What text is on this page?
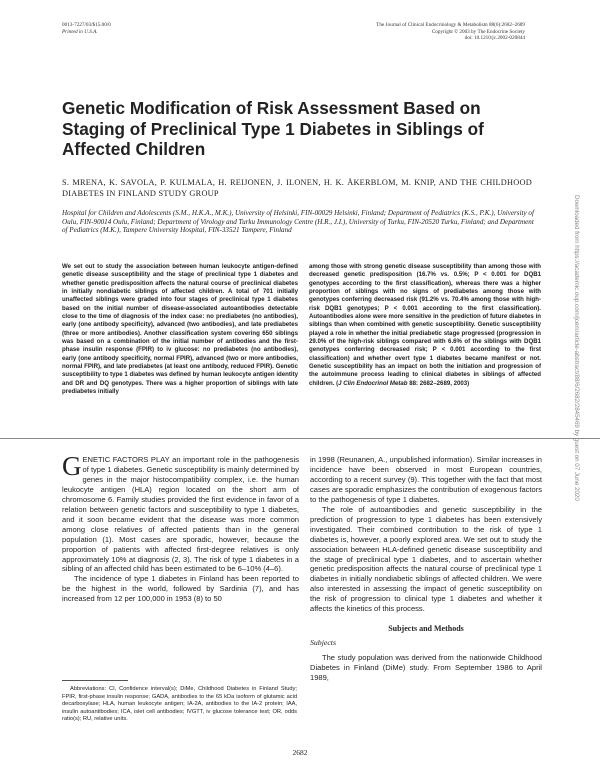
0013-7227/03/$15.00/0
Printed in U.S.A.
The Journal of Clinical Endocrinology & Metabolism 88(6):2682–2689
Copyright © 2003 by The Endocrine Society
doi: 10.1210/jc.2002-020844
Genetic Modification of Risk Assessment Based on Staging of Preclinical Type 1 Diabetes in Siblings of Affected Children
S. MRENA, K. SAVOLA, P. KULMALA, H. REIJONEN, J. ILONEN, H. K. ÅKERBLOM, M. KNIP, AND THE CHILDHOOD DIABETES IN FINLAND STUDY GROUP
Hospital for Children and Adolescents (S.M., H.K.A., M.K.), University of Helsinki, FIN-00029 Helsinki, Finland; Department of Pediatrics (K.S., P.K.), University of Oulu, FIN-90014 Oulu, Finland; Department of Virology and Turku Immunology Centre (H.R., J.I.), University of Turku, FIN-20520 Turku, Finland; and Department of Pediatrics (M.K.), Tampere University Hospital, FIN-33521 Tampere, Finland
We set out to study the association between human leukocyte antigen-defined genetic disease susceptibility and the stage of preclinical type 1 diabetes and whether genetic predisposition affects the natural course of preclinical diabetes in initially nondiabetic siblings of affected children. A total of 701 initially unaffected siblings were graded into four stages of preclinical type 1 diabetes based on the initial number of disease-associated autoantibodies detectable close to the time of diagnosis of the index case: no prediabetes (no antibodies), early (one antibody specificity), advanced (two antibodies), and late prediabetes (three or more antibodies). Another classification system covering 650 siblings was based on a combination of the initial number of antibodies and the first-phase insulin response (FPIR) to iv glucose: no prediabetes (no antibodies), early (one antibody specificity, normal FPIR), advanced (two or more antibodies, normal FPIR), and late prediabetes (at least one antibody, reduced FPIR). Genetic susceptibility to type 1 diabetes was defined by human leukocyte antigen identity and DR and DQ genotypes. There was a higher proportion of siblings with late prediabetes initially
among those with strong genetic disease susceptibility than among those with decreased genetic predisposition (16.7% vs. 0.5%; P < 0.001 for DQB1 genotypes according to the first classification), whereas there was a higher proportion of siblings with no signs of prediabetes among those with genotypes conferring decreased risk (91.2% vs. 70.4% among those with high-risk DQB1 genotypes; P < 0.001 according to the first classification). Autoantibodies alone were more sensitive in the prediction of future diabetes in siblings than when combined with genetic susceptibility. Genetic susceptibility played a role in whether the initial prediabetic stage progressed (progression in 29.0% of the high-risk siblings compared with 6.6% of the siblings with DQB1 genotypes conferring decreased risk; P < 0.001 according to the first classification) and whether overt type 1 diabetes became manifest or not. Genetic susceptibility has an impact on both the initiation and progression of the autoimmune process leading to clinical diabetes in siblings of affected children. (J Clin Endocrinol Metab 88: 2682–2689, 2003)

GENETIC FACTORS PLAY an important role in the pathogenesis of type 1 diabetes. Genetic susceptibility is mainly determined by genes in the major histocompatibility complex, i.e. the human leukocyte antigen (HLA) region located on the short arm of chromosome 6. Family studies provided the first evidence in favor of a relation between genetic factors and susceptibility to type 1 diabetes, and it soon became evident that the disease was more common among close relatives of affected patients than in the general population (1). Most cases are sporadic, however, because the proportion of patients with affected first-degree relatives is only approximately 10% at diagnosis (2, 3). The risk of type 1 diabetes in a sibling of an affected child has been estimated to be 6–10% (4–6).

The incidence of type 1 diabetes in Finland has been reported to be the highest in the world, followed by Sardinia (7), and has increased from 12 per 100,000 in 1953 (8) to 50

in 1998 (Reunanen, A., unpublished information). Similar increases in incidence have been observed in most European countries, according to a recent survey (9). This together with the fact that most cases are sporadic emphasizes the contribution of exogenous factors to the pathogenesis of type 1 diabetes.

The role of autoantibodies and genetic susceptibility in the prediction of progression to type 1 diabetes has been extensively investigated. Their combined contribution to the risk of type 1 diabetes is, however, a poorly explored area. We set out to study the association between HLA-defined genetic disease susceptibility and the stage of preclinical type 1 diabetes, and to ascertain whether genetic predisposition affects the natural course of preclinical type 1 diabetes in initially nondiabetic siblings of affected children. We were also interested in assessing the impact of genetic susceptibility on the risk of progression to clinical type 1 diabetes and whether it affects the kinetics of this process.

Subjects and Methods
Subjects

The study population was derived from the nationwide Childhood Diabetes in Finland (DiMe) study. From September 1986 to April 1989,

Abbreviations: CI, Confidence interval(s); DiMe, Childhood Diabetes in Finland Study; FPIR, first-phase insulin response; GADA, antibodies to the 65 kDa isoform of glutamic acid decarboxylase; HLA, human leukocyte antigen; IA-2A, antibodies to the IA-2 protein; IAA, insulin autoantibodies; ICA, islet cell antibodies; IVGTT, iv glucose tolerance test; OR, odds ratio(s); RU, relative units.
2682
Downloaded from https://academic.oup.com/jcem/article-abstract/88/6/2682/2845469 by guest on 07 June 2020
